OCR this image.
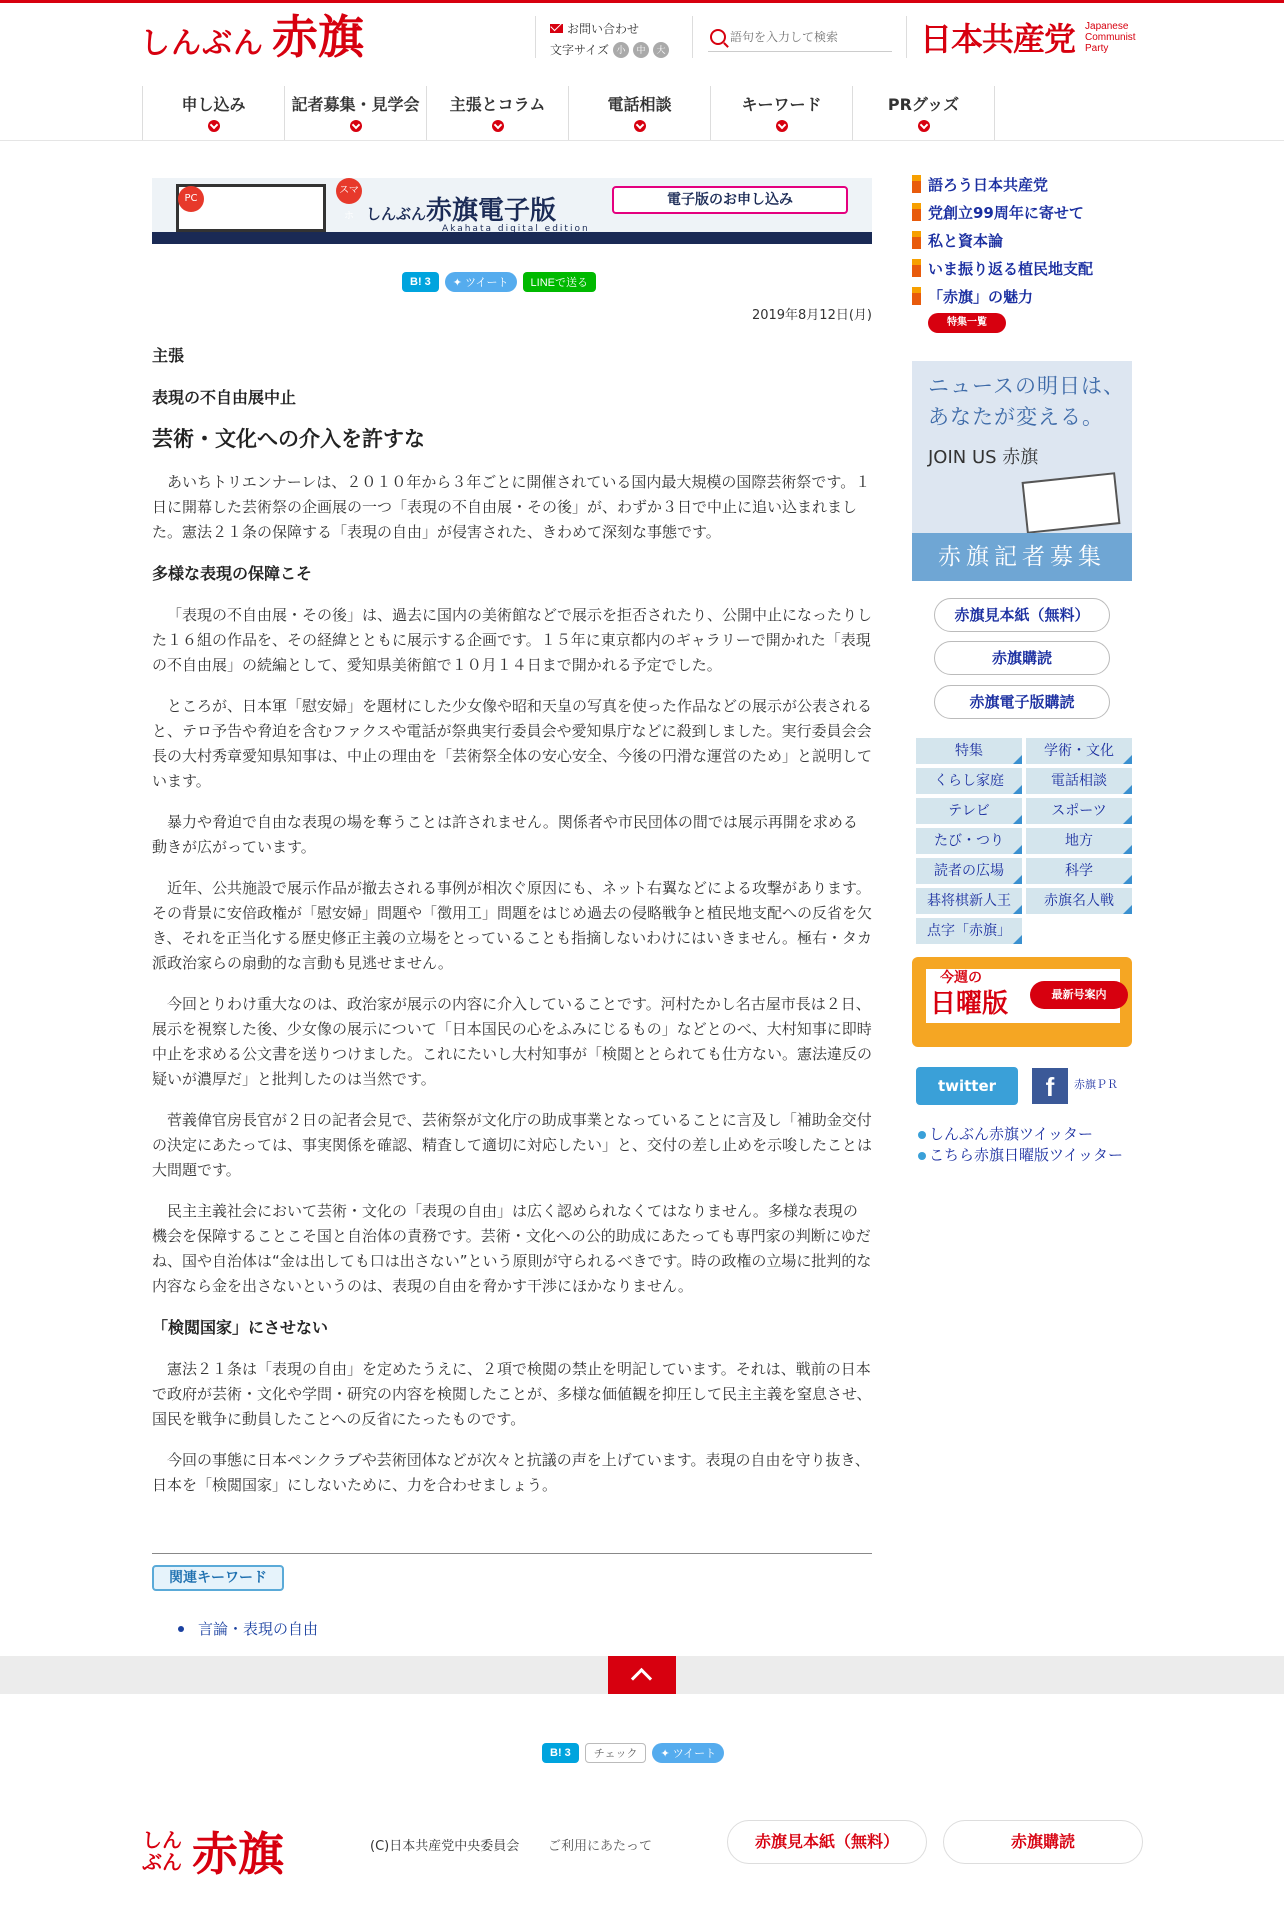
しんぶん 赤旗	お問い合わせ
文字サイズ 小	中	大
語句を入力して検索	日本共産党 Japanese
Communist
Party
申し込み	記者募集・見学会	主張とコラム	電話相談	キーワード	PRグッズ
PC
スマホ しんぶん赤旗電子版
Akahata digital edition
電子版のお申し込み
● 日刊紙が全ページ読める　● 過去1年分の検索ができる
B! 3	✦ ツイート	LINEで送る
2019年8月12日(月)
主張
表現の不自由展中止
芸術・文化への介入を許すな

あいちトリエンナーレは、２０１０年から３年ごとに開催されている国内最大規模の国際芸術祭です。１日に開幕した芸術祭の企画展の一つ「表現の不自由展・その後」が、わずか３日で中止に追い込まれました。憲法２１条の保障する「表現の自由」が侵害された、きわめて深刻な事態です。

多様な表現の保障こそ

「表現の不自由展・その後」は、過去に国内の美術館などで展示を拒否されたり、公開中止になったりした１６組の作品を、その経緯とともに展示する企画です。１５年に東京都内のギャラリーで開かれた「表現の不自由展」の続編として、愛知県美術館で１０月１４日まで開かれる予定でした。

ところが、日本軍「慰安婦」を題材にした少女像や昭和天皇の写真を使った作品などの展示が公表されると、テロ予告や脅迫を含むファクスや電話が祭典実行委員会や愛知県庁などに殺到しました。実行委員会会長の大村秀章愛知県知事は、中止の理由を「芸術祭全体の安心安全、今後の円滑な運営のため」と説明しています。

暴力や脅迫で自由な表現の場を奪うことは許されません。関係者や市民団体の間では展示再開を求める動きが広がっています。

近年、公共施設で展示作品が撤去される事例が相次ぐ原因にも、ネット右翼などによる攻撃があります。その背景に安倍政権が「慰安婦」問題や「徴用工」問題をはじめ過去の侵略戦争と植民地支配への反省を欠き、それを正当化する歴史修正主義の立場をとっていることも指摘しないわけにはいきません。極右・タカ派政治家らの扇動的な言動も見逃せません。

今回とりわけ重大なのは、政治家が展示の内容に介入していることです。河村たかし名古屋市長は２日、展示を視察した後、少女像の展示について「日本国民の心をふみにじるもの」などとのべ、大村知事に即時中止を求める公文書を送りつけました。これにたいし大村知事が「検閲ととられても仕方ない。憲法違反の疑いが濃厚だ」と批判したのは当然です。

菅義偉官房長官が２日の記者会見で、芸術祭が文化庁の助成事業となっていることに言及し「補助金交付の決定にあたっては、事実関係を確認、精査して適切に対応したい」と、交付の差し止めを示唆したことは大問題です。

民主主義社会において芸術・文化の「表現の自由」は広く認められなくてはなりません。多様な表現の機会を保障することこそ国と自治体の責務です。芸術・文化への公的助成にあたっても専門家の判断にゆだね、国や自治体は“金は出しても口は出さない”という原則が守られるべきです。時の政権の立場に批判的な内容なら金を出さないというのは、表現の自由を脅かす干渉にほかなりません。

「検閲国家」にさせない

憲法２１条は「表現の自由」を定めたうえに、２項で検閲の禁止を明記しています。それは、戦前の日本で政府が芸術・文化や学問・研究の内容を検閲したことが、多様な価値観を抑圧して民主主義を窒息させ、国民を戦争に動員したことへの反省にたったものです。

今回の事態に日本ペンクラブや芸術団体などが次々と抗議の声を上げています。表現の自由を守り抜き、日本を「検閲国家」にしないために、力を合わせましょう。

関連キーワード
言論・表現の自由
B! 3	チェック	✦ ツイート
しん
ぶん 赤旗	(C)日本共産党中央委員会 ご利用にあたって	赤旗見本紙（無料）	赤旗購読
語ろう日本共産党
党創立99周年に寄せて
私と資本論
いま振り返る植民地支配
「赤旗」の魅力
特集一覧
ニュースの明日は、
あなたが変える。
JOIN US 赤旗
赤旗記者募集
赤旗見本紙（無料）
赤旗購読
赤旗電子版購読
特集	学術・文化
くらし家庭	電話相談
テレビ	スポーツ
たび・つり	地方
読者の広場	科学
碁将棋新人王	赤旗名人戦
点字「赤旗」
今週の
日曜版	最新号案内
twitter	f	赤旗ＰＲ
しんぶん赤旗ツイッター
こちら赤旗日曜版ツイッター
